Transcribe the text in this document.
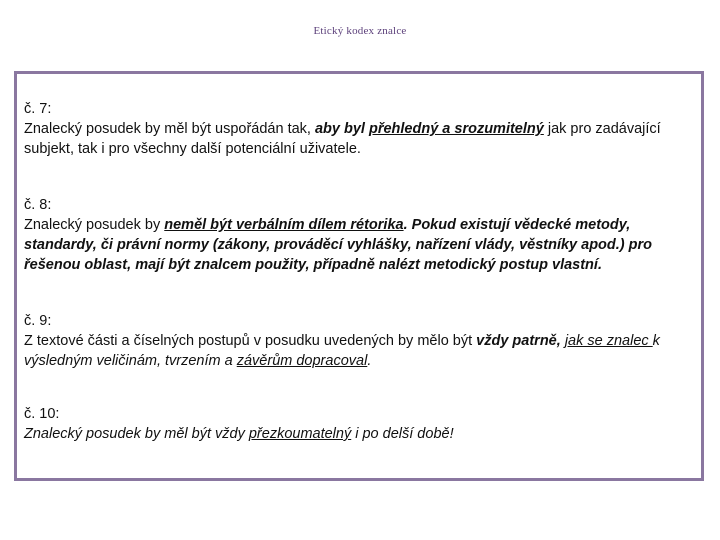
Etický kodex znalce
č. 7:
Znalecký posudek by měl být uspořádán tak, aby byl přehledný a srozumitelný jak pro zadávající subjekt, tak i pro všechny další potenciální uživatele.
č. 8:
Znalecký posudek by neměl být verbálním dílem rétorika. Pokud existují vědecké metody, standardy, či právní normy (zákony, prováděcí vyhlášky, nařízení vlády, věstníky apod.) pro řešenou oblast, mají být znalcem použity, případně nalézt metodický postup vlastní.
č. 9:
Z textové části a číselných postupů v posudku uvedených by mělo být vždy patrně, jak se znalec k výsledným veličinám, tvrzením a závěrům dopracoval.
č. 10:
Znalecký posudek by měl být vždy přezkoumatelný i po delší době!
